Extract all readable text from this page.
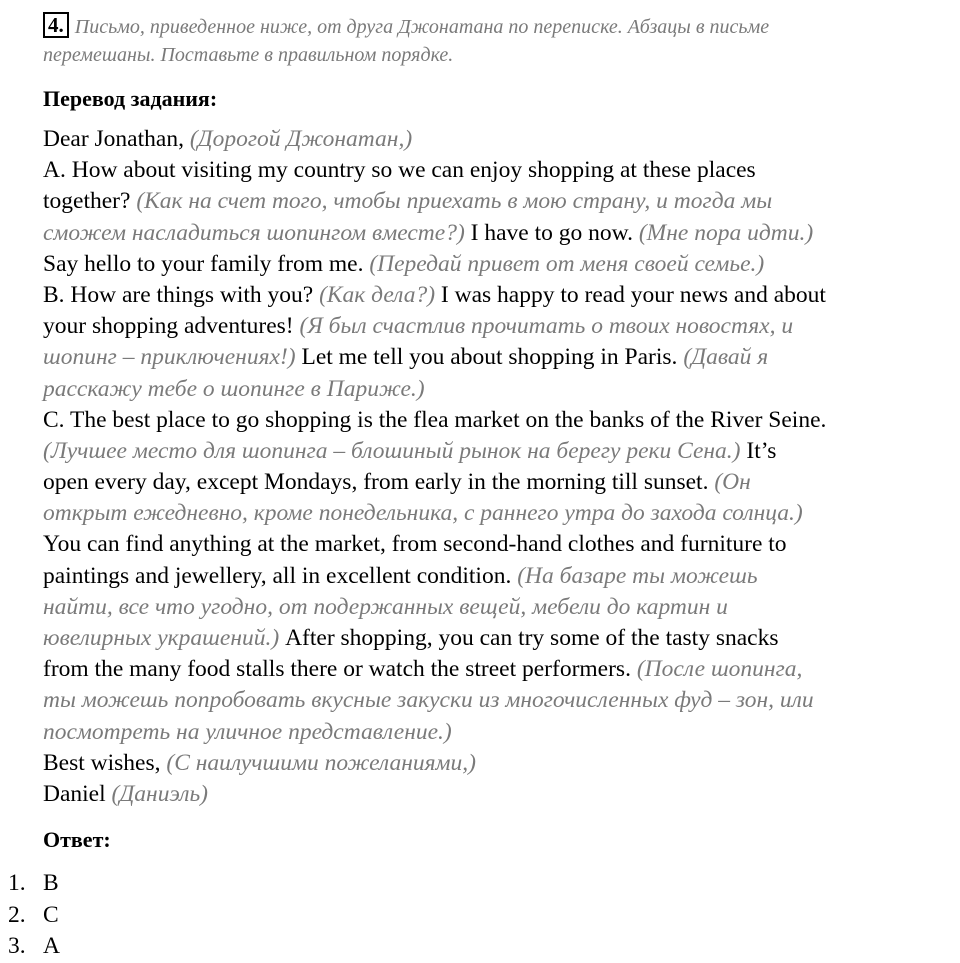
4. Письмо, приведенное ниже, от друга Джонатана по переписке. Абзацы в письме
перемешаны. Поставьте в правильном порядке.
Перевод задания:
Dear Jonathan, (Дорогой Джонатан,)
A. How about visiting my country so we can enjoy shopping at these places
together? (Как на счет того, чтобы приехать в мою страну, и тогда мы
сможем насладиться шопингом вместе?) I have to go now. (Мне пора идти.)
Say hello to your family from me. (Передай привет от меня своей семье.)
B. How are things with you? (Как дела?) I was happy to read your news and about
your shopping adventures! (Я был счастлив прочитать о твоих новостях, и
шопинг – приключениях!) Let me tell you about shopping in Paris. (Давай я
расскажу тебе о шопинге в Париже.)
C. The best place to go shopping is the flea market on the banks of the River Seine.
(Лучшее место для шопинга – блошиный рынок на берегу реки Сена.) It’s
open every day, except Mondays, from early in the morning till sunset. (Он
открыт ежедневно, кроме понедельника, с раннего утра до захода солнца.)
You can find anything at the market, from second-hand clothes and furniture to
paintings and jewellery, all in excellent condition. (На базаре ты можешь
найти, все что угодно, от подержанных вещей, мебели до картин и
ювелирных украшений.) After shopping, you can try some of the tasty snacks
from the many food stalls there or watch the street performers. (После шопинга,
ты можешь попробовать вкусные закуски из многочисленных фуд – зон, или
посмотреть на уличное представление.)
Best wishes, (С наилучшими пожеланиями,)
Daniel (Даниэль)
Ответ:
1. B
2. C
3. A
